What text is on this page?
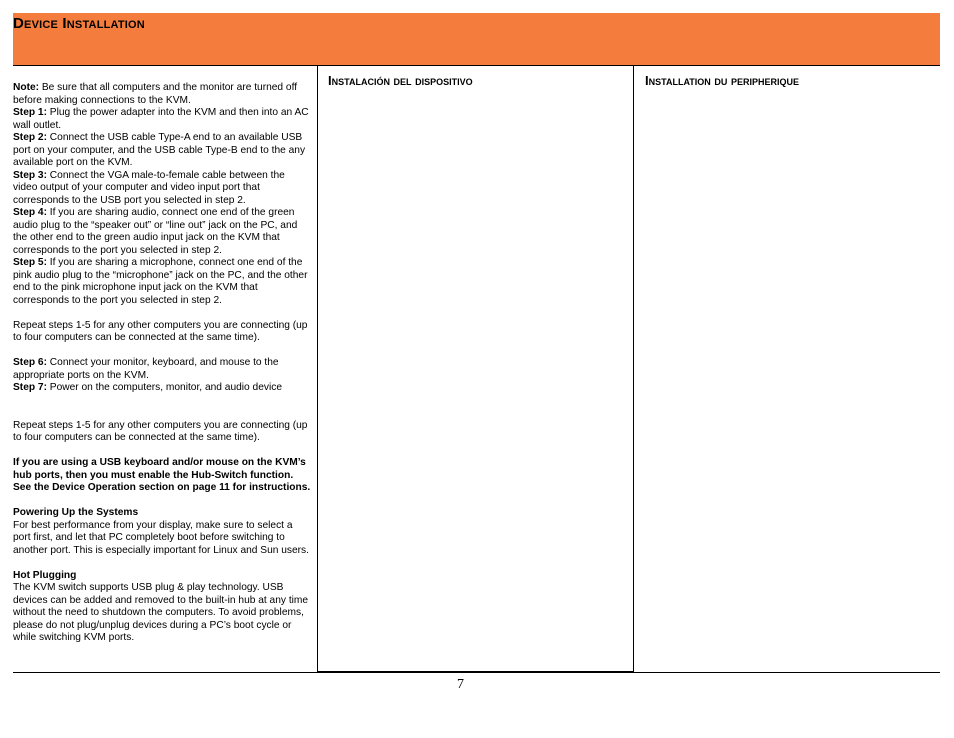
Device Installation

Note: Be sure that all computers and the monitor are turned off before making connections to the KVM.

Step 1: Plug the power adapter into the KVM and then into an AC wall outlet.

Step 2: Connect the USB cable Type-A end to an available USB port on your computer, and the USB cable Type-B end to the any available port on the KVM.

Step 3: Connect the VGA male-to-female cable between the video output of your computer and video input port that corresponds to the USB port you selected in step 2.

Step 4: If you are sharing audio, connect one end of the green audio plug to the “speaker out” or “line out” jack on the PC, and the other end to the green audio input jack on the KVM that corresponds to the port you selected in step 2.

Step 5: If you are sharing a microphone, connect one end of the pink audio plug to the “microphone” jack on the PC, and the other end to the pink microphone input jack on the KVM that corresponds to the port you selected in step 2.

Repeat steps 1-5 for any other computers you are connecting (up to four computers can be connected at the same time).

Step 6: Connect your monitor, keyboard, and mouse to the appropriate ports on the KVM.

Step 7: Power on the computers, monitor, and audio device

Repeat steps 1-5 for any other computers you are connecting (up to four computers can be connected at the same time).

If you are using a USB keyboard and/or mouse on the KVM’s hub ports, then you must enable the Hub-Switch function. See the Device Operation section on page 11 for instructions.

Powering Up the Systems

For best performance from your display, make sure to select a port first, and let that PC completely boot before switching to another port. This is especially important for Linux and Sun users.

Hot Plugging

The KVM switch supports USB plug & play technology. USB devices can be added and removed to the built-in hub at any time without the need to shutdown the computers. To avoid problems, please do not plug/unplug devices during a PC’s boot cycle or while switching KVM ports.

Instalación del dispositivo	Installation du peripherique
7
